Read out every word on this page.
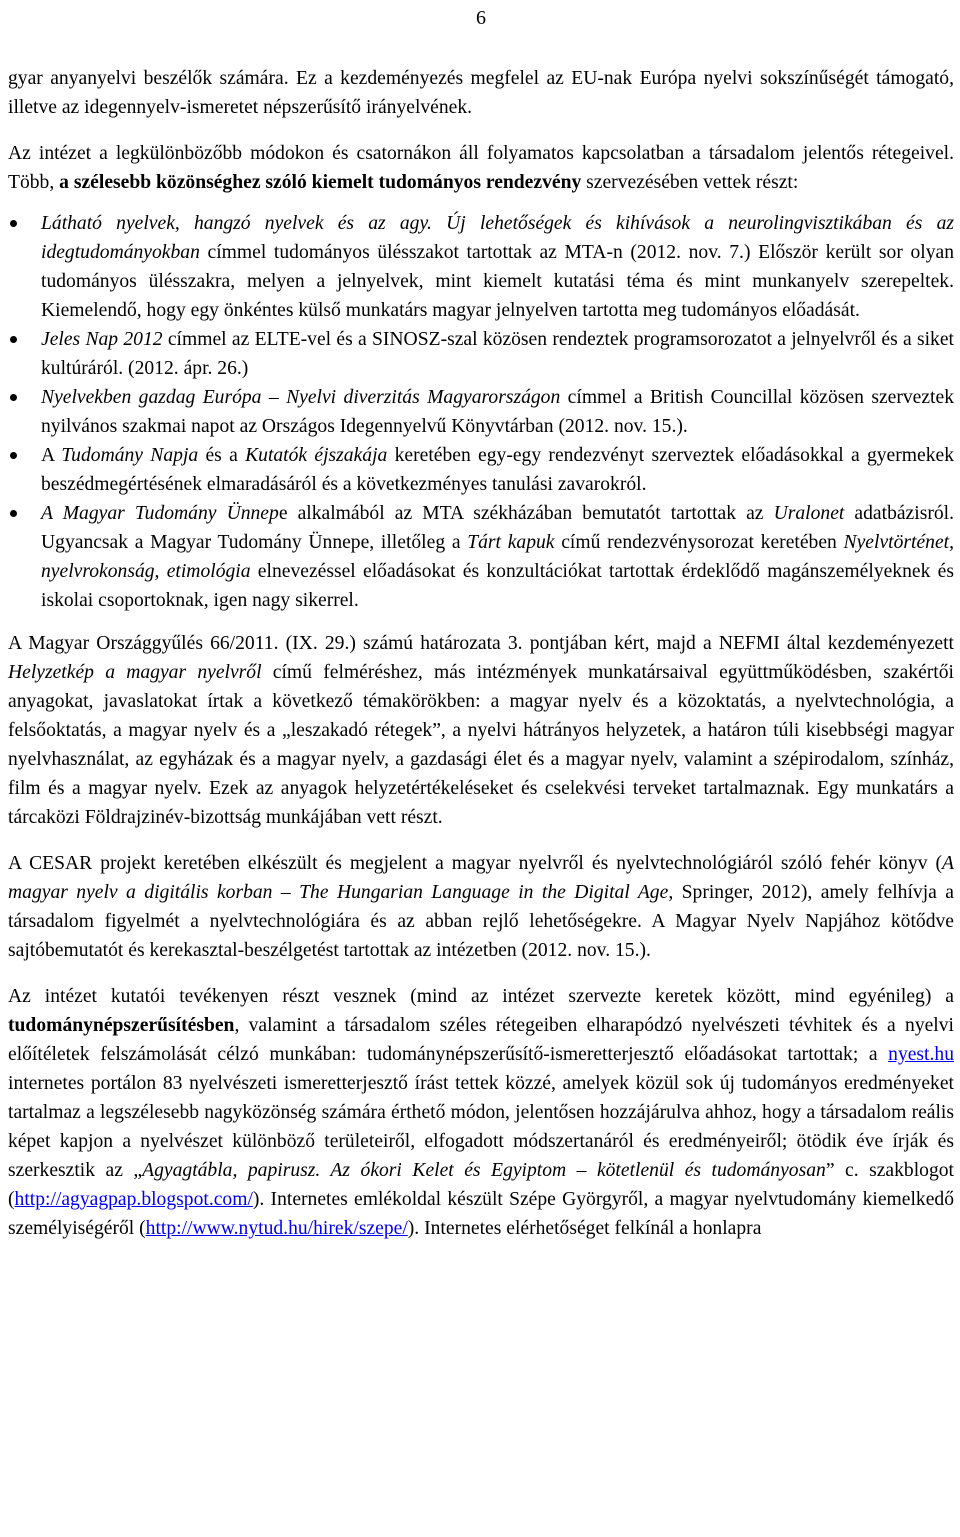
6

gyar anyanyelvi beszélők számára. Ez a kezdeményezés megfelel az EU-nak Európa nyelvi sokszínűségét támogató, illetve az idegennyelv-ismeretet népszerűsítő irányelvének.

Az intézet a legkülönbözőbb módokon és csatornákon áll folyamatos kapcsolatban a társadalom jelentős rétegeivel. Több, a szélesebb közönséghez szóló kiemelt tudományos rendezvény szervezésében vettek részt:

Látható nyelvek, hangzó nyelvek és az agy. Új lehetőségek és kihívások a neurolingvisztikában és az idegtudományokban címmel tudományos ülésszakot tartottak az MTA-n (2012. nov. 7.) Először került sor olyan tudományos ülésszakra, melyen a jelnyelvek, mint kiemelt kutatási téma és mint munkanyelv szerepeltek. Kiemelendő, hogy egy önkéntes külső munkatárs magyar jelnyelven tartotta meg tudományos előadását.
Jeles Nap 2012 címmel az ELTE-vel és a SINOSZ-szal közösen rendeztek programsorozatot a jelnyelvről és a siket kultúráról. (2012. ápr. 26.)
Nyelvekben gazdag Európa – Nyelvi diverzitás Magyarországon címmel a British Councillal közösen szerveztek nyilvános szakmai napot az Országos Idegennyelvű Könyvtárban (2012. nov. 15.).
A Tudomány Napja és a Kutatók éjszakája keretében egy-egy rendezvényt szerveztek előadásokkal a gyermekek beszédmegértésének elmaradásáról és a következményes tanulási zavarokról.
A Magyar Tudomány Ünnepe alkalmából az MTA székházában bemutatót tartottak az Uralonet adatbázisról. Ugyancsak a Magyar Tudomány Ünnepe, illetőleg a Tárt kapuk című rendezvénysorozat keretében Nyelvtörténet, nyelvrokonság, etimológia elnevezéssel előadásokat és konzultációkat tartottak érdeklődő magánszemélyeknek és iskolai csoportoknak, igen nagy sikerrel.

A Magyar Országgyűlés 66/2011. (IX. 29.) számú határozata 3. pontjában kért, majd a NEFMI által kezdeményezett Helyzetkép a magyar nyelvről című felméréshez, más intézmények munkatársaival együttműködésben, szakértői anyagokat, javaslatokat írtak a következő témakörökben: a magyar nyelv és a közoktatás, a nyelvtechnológia, a felsőoktatás, a magyar nyelv és a „leszakadó rétegek”, a nyelvi hátrányos helyzetek, a határon túli kisebbségi magyar nyelvhasználat, az egyházak és a magyar nyelv, a gazdasági élet és a magyar nyelv, valamint a szépirodalom, színház, film és a magyar nyelv. Ezek az anyagok helyzetértékeléseket és cselekvési terveket tartalmaznak. Egy munkatárs a tárcaközi Földrajzinév-bizottság munkájában vett részt.

A CESAR projekt keretében elkészült és megjelent a magyar nyelvről és nyelvtechnológiáról szóló fehér könyv (A magyar nyelv a digitális korban – The Hungarian Language in the Digital Age, Springer, 2012), amely felhívja a társadalom figyelmét a nyelvtechnológiára és az abban rejlő lehetőségekre. A Magyar Nyelv Napjához kötődve sajtóbemutatót és kerekasztal-beszélgetést tartottak az intézetben (2012. nov. 15.).

Az intézet kutatói tevékenyen részt vesznek (mind az intézet szervezte keretek között, mind egyénileg) a tudománynépszerűsítésben, valamint a társadalom széles rétegeiben elharapódzó nyelvészeti tévhitek és a nyelvi előítéletek felszámolását célzó munkában: tudománynépszerűsítő-ismeretterjesztő előadásokat tartottak; a nyest.hu internetes portálon 83 nyelvészeti ismeretterjesztő írást tettek közzé, amelyek közül sok új tudományos eredményeket tartalmaz a legszélesebb nagyközönség számára érthető módon, jelentősen hozzájárulva ahhoz, hogy a társadalom reális képet kapjon a nyelvészet különböző területeiről, elfogadott módszertanáról és eredményeiről; ötödik éve írják és szerkesztik az „Agyagtábla, papirusz. Az ókori Kelet és Egyiptom – kötetlenül és tudományosan” c. szakblogot (http://agyagpap.blogspot.com/). Internetes emlékoldal készült Szépe Györgyről, a magyar nyelvtudomány kiemelkedő személyiségéről (http://www.nytud.hu/hirek/szepe/). Internetes elérhetőséget felkínál a honlapra
